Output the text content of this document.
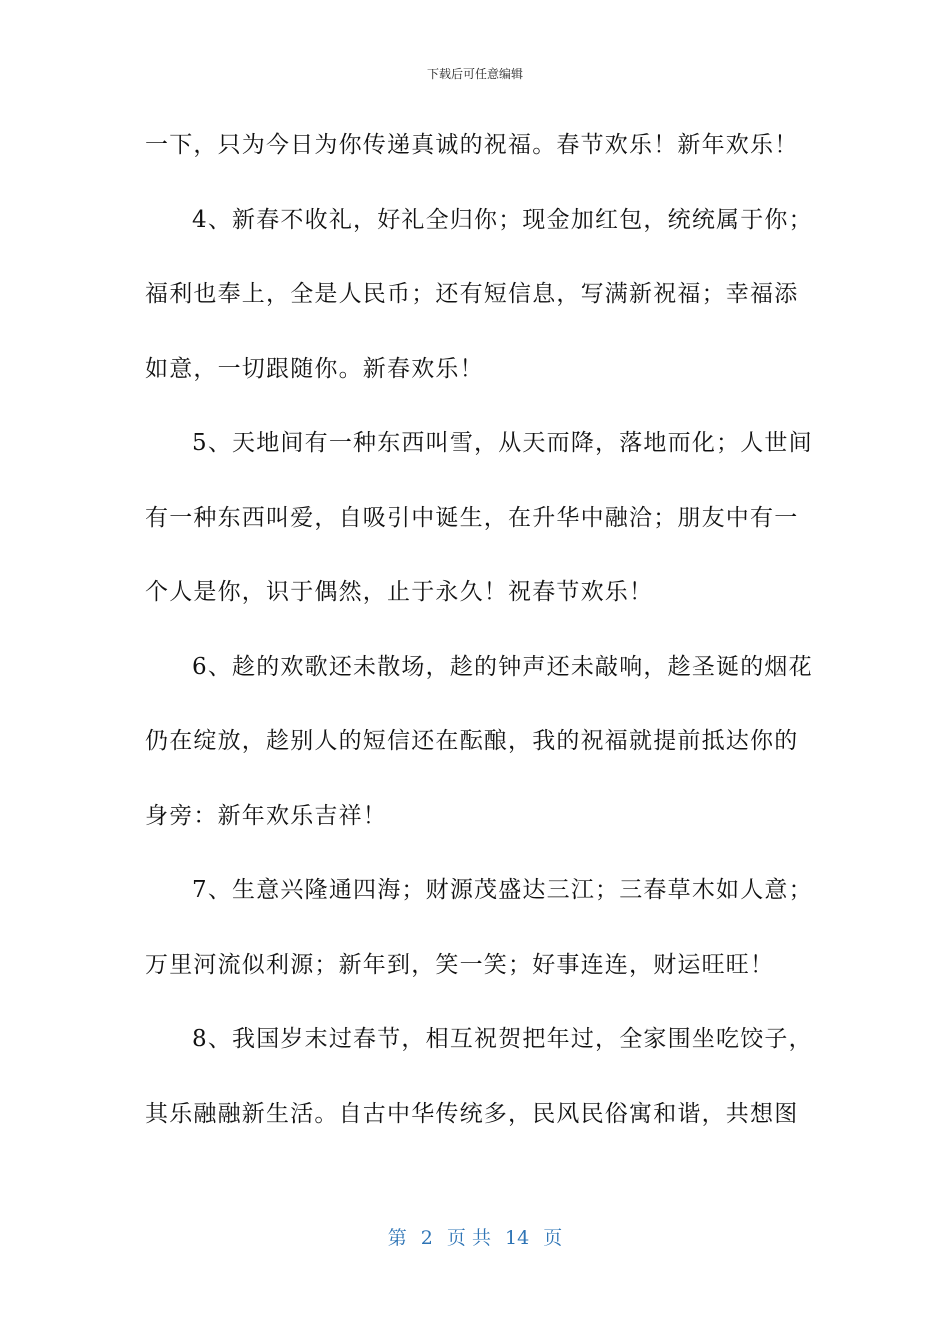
下载后可任意编辑
一下，只为今日为你传递真诚的祝福。春节欢乐！新年欢乐！
4、新春不收礼，好礼全归你；现金加红包，统统属于你；
福利也奉上，全是人民币；还有短信息，写满新祝福；幸福添
如意，一切跟随你。新春欢乐！
5、天地间有一种东西叫雪，从天而降，落地而化；人世间
有一种东西叫爱，自吸引中诞生，在升华中融洽；朋友中有一
个人是你，识于偶然，止于永久！祝春节欢乐！
6、趁的欢歌还未散场，趁的钟声还未敲响，趁圣诞的烟花
仍在绽放，趁别人的短信还在酝酿，我的祝福就提前抵达你的
身旁：新年欢乐吉祥！
7、生意兴隆通四海；财源茂盛达三江；三春草木如人意；
万里河流似利源；新年到，笑一笑；好事连连，财运旺旺！
8、我国岁末过春节，相互祝贺把年过，全家围坐吃饺子，
其乐融融新生活。自古中华传统多，民风民俗寓和谐，共想图
第 2 页 共 14 页
